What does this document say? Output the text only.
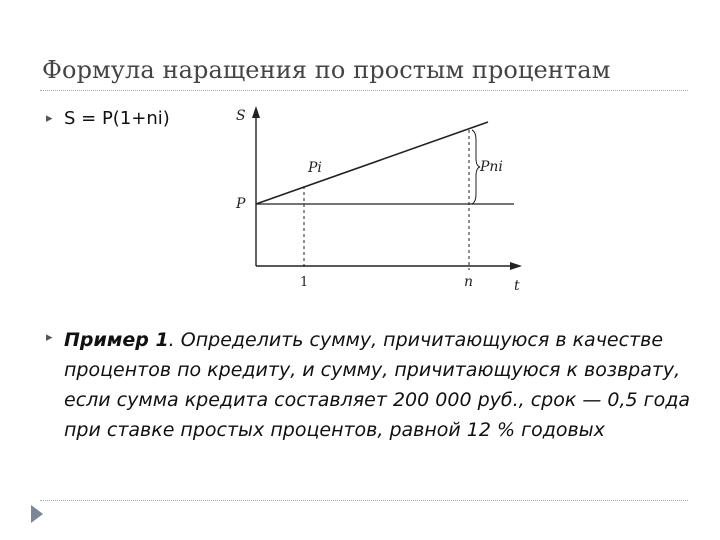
Формула наращения по простым процентам
▸ S = P(1+ni)	S
t
P
Pi	Pni
1	n
▸ Пример 1. Определить сумму, причитающуюся в качестве процентов по кредиту, и сумму, причитающуюся к возврату, если сумма кредита составляет 200 000 руб., срок — 0,5 года при ставке простых процентов, равной 12 % годовых
